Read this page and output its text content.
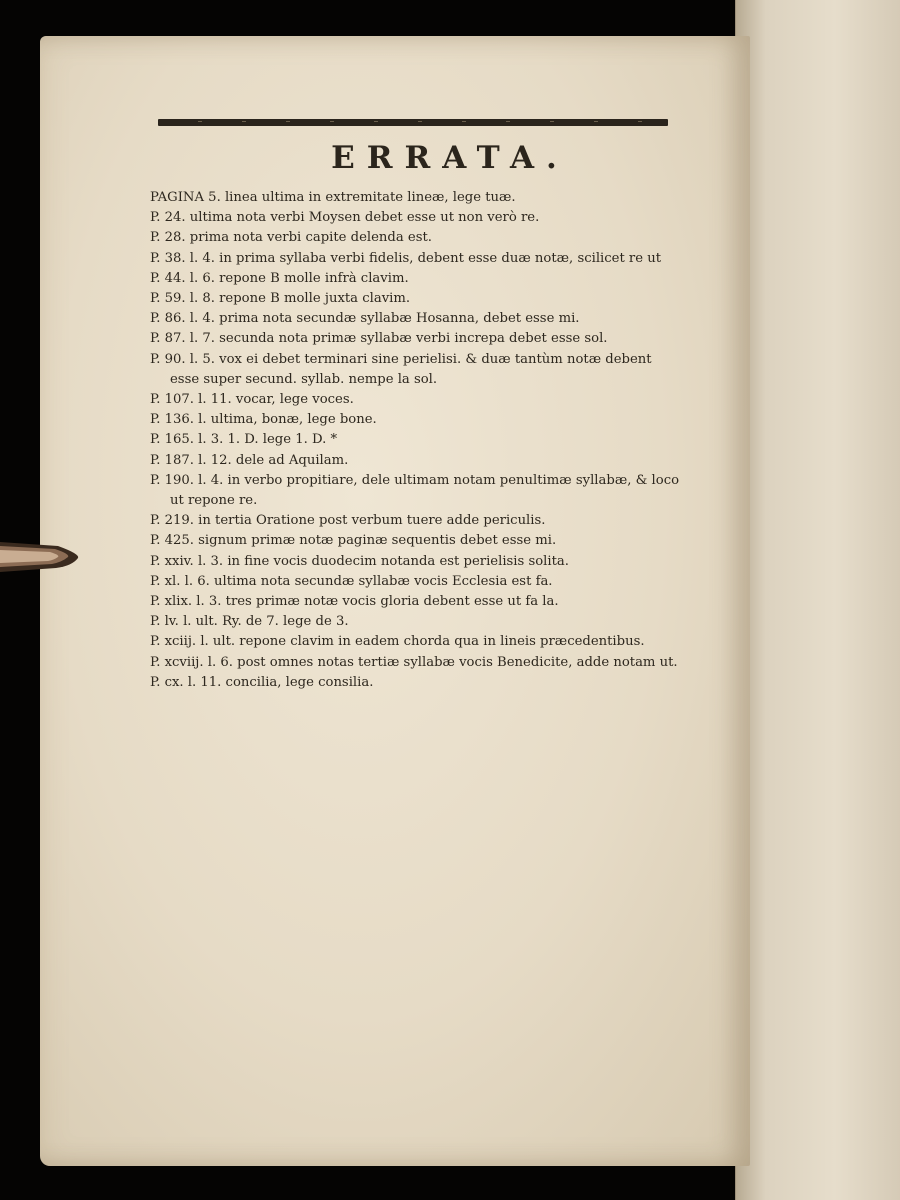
ERRATA.

PAGINA 5. linea ultima in extremitate lineæ, lege tuæ.

P. 24. ultima nota verbi Moysen debet esse ut non verò re.

P. 28. prima nota verbi capite delenda est.

P. 38. l. 4. in prima syllaba verbi fidelis, debent esse duæ notæ, scilicet re ut

P. 44. l. 6. repone B molle infrà clavim.

P. 59. l. 8. repone B molle juxta clavim.

P. 86. l. 4. prima nota secundæ syllabæ Hosanna, debet esse mi.

P. 87. l. 7. secunda nota primæ syllabæ verbi increpa debet esse sol.

P. 90. l. 5. vox ei debet terminari sine perielisi. & duæ tantùm notæ debent esse super secund. syllab. nempe la sol.

P. 107. l. 11. vocar, lege voces.

P. 136. l. ultima, bonæ, lege bone.

P. 165. l. 3. 1. D. lege 1. D. *

P. 187. l. 12. dele ad Aquilam.

P. 190. l. 4. in verbo propitiare, dele ultimam notam penultimæ syllabæ, & loco ut repone re.

P. 219. in tertia Oratione post verbum tuere adde periculis.

P. 425. signum primæ notæ paginæ sequentis debet esse mi.

P. xxiv. l. 3. in fine vocis duodecim notanda est perielisis solita.

P. xl. l. 6. ultima nota secundæ syllabæ vocis Ecclesia est fa.

P. xlix. l. 3. tres primæ notæ vocis gloria debent esse ut fa la.

P. lv. l. ult. Ry. de 7. lege de 3.

P. xciij. l. ult. repone clavim in eadem chorda qua in lineis præcedentibus.

P. xcviij. l. 6. post omnes notas tertiæ syllabæ vocis Benedicite, adde notam ut.

P. cx. l. 11. concilia, lege consilia.
